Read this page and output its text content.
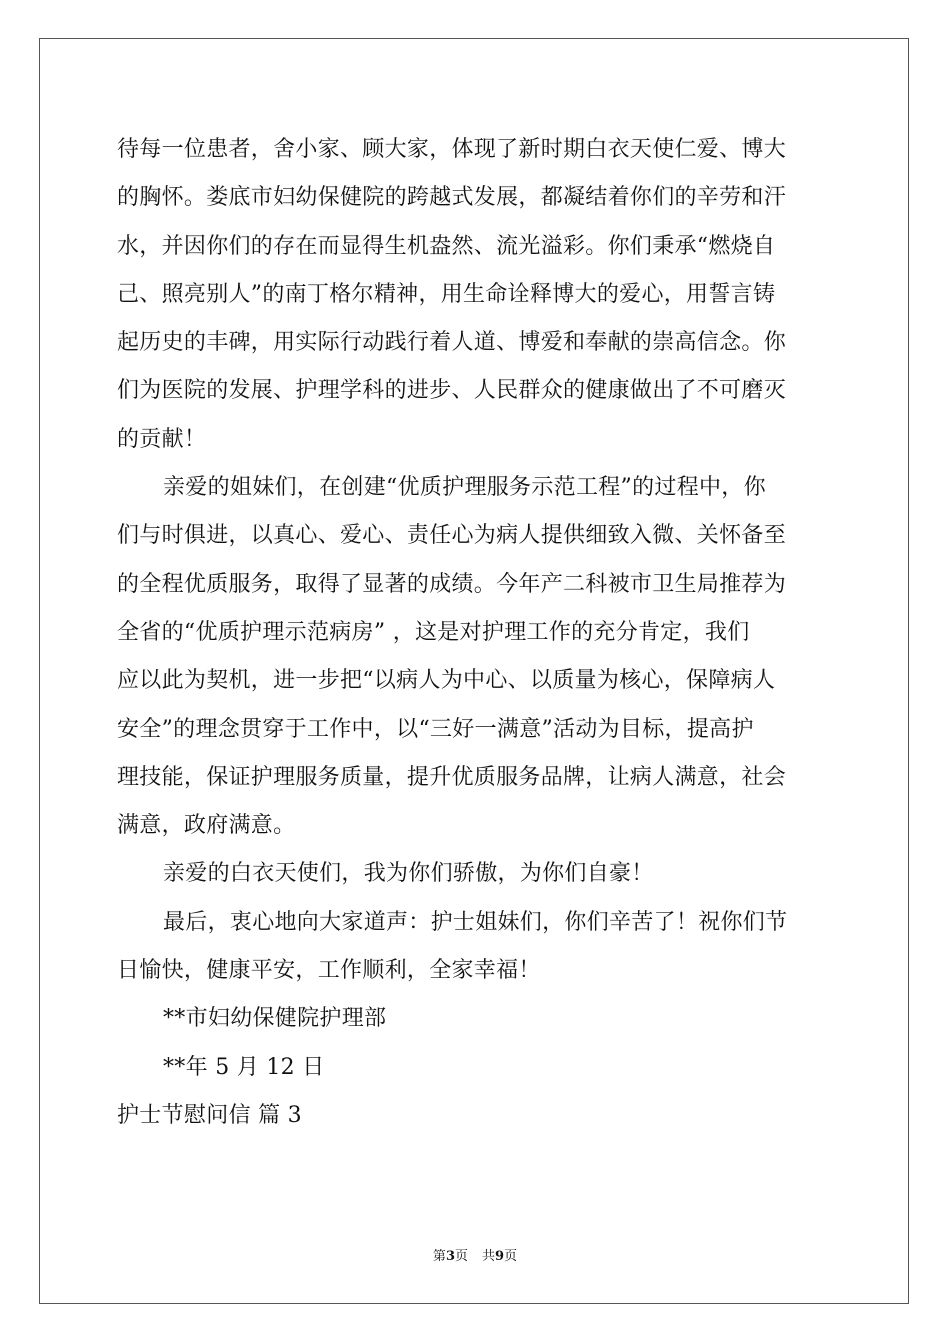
待每一位患者，舍小家、顾大家，体现了新时期白衣天使仁爱、博大
的胸怀。娄底市妇幼保健院的跨越式发展，都凝结着你们的辛劳和汗
水，并因你们的存在而显得生机盎然、流光溢彩。你们秉承“燃烧自
己、照亮别人”的南丁格尔精神，用生命诠释博大的爱心，用誓言铸
起历史的丰碑，用实际行动践行着人道、博爱和奉献的崇高信念。你
们为医院的发展、护理学科的进步、人民群众的健康做出了不可磨灭
的贡献！
亲爱的姐妹们，在创建“优质护理服务示范工程”的过程中，你
们与时俱进，以真心、爱心、责任心为病人提供细致入微、关怀备至
的全程优质服务，取得了显著的成绩。今年产二科被市卫生局推荐为
全省的“优质护理示范病房” ，这是对护理工作的充分肯定，我们
应以此为契机，进一步把“以病人为中心、以质量为核心，保障病人
安全”的理念贯穿于工作中，以“三好一满意”活动为目标，提高护
理技能，保证护理服务质量，提升优质服务品牌，让病人满意，社会
满意，政府满意。
亲爱的白衣天使们，我为你们骄傲，为你们自豪！
最后，衷心地向大家道声：护士姐妹们，你们辛苦了！祝你们节
日愉快，健康平安，工作顺利，全家幸福！
**市妇幼保健院护理部
**年 5 月 12 日
护士节慰问信 篇 3
第3页 共9页
